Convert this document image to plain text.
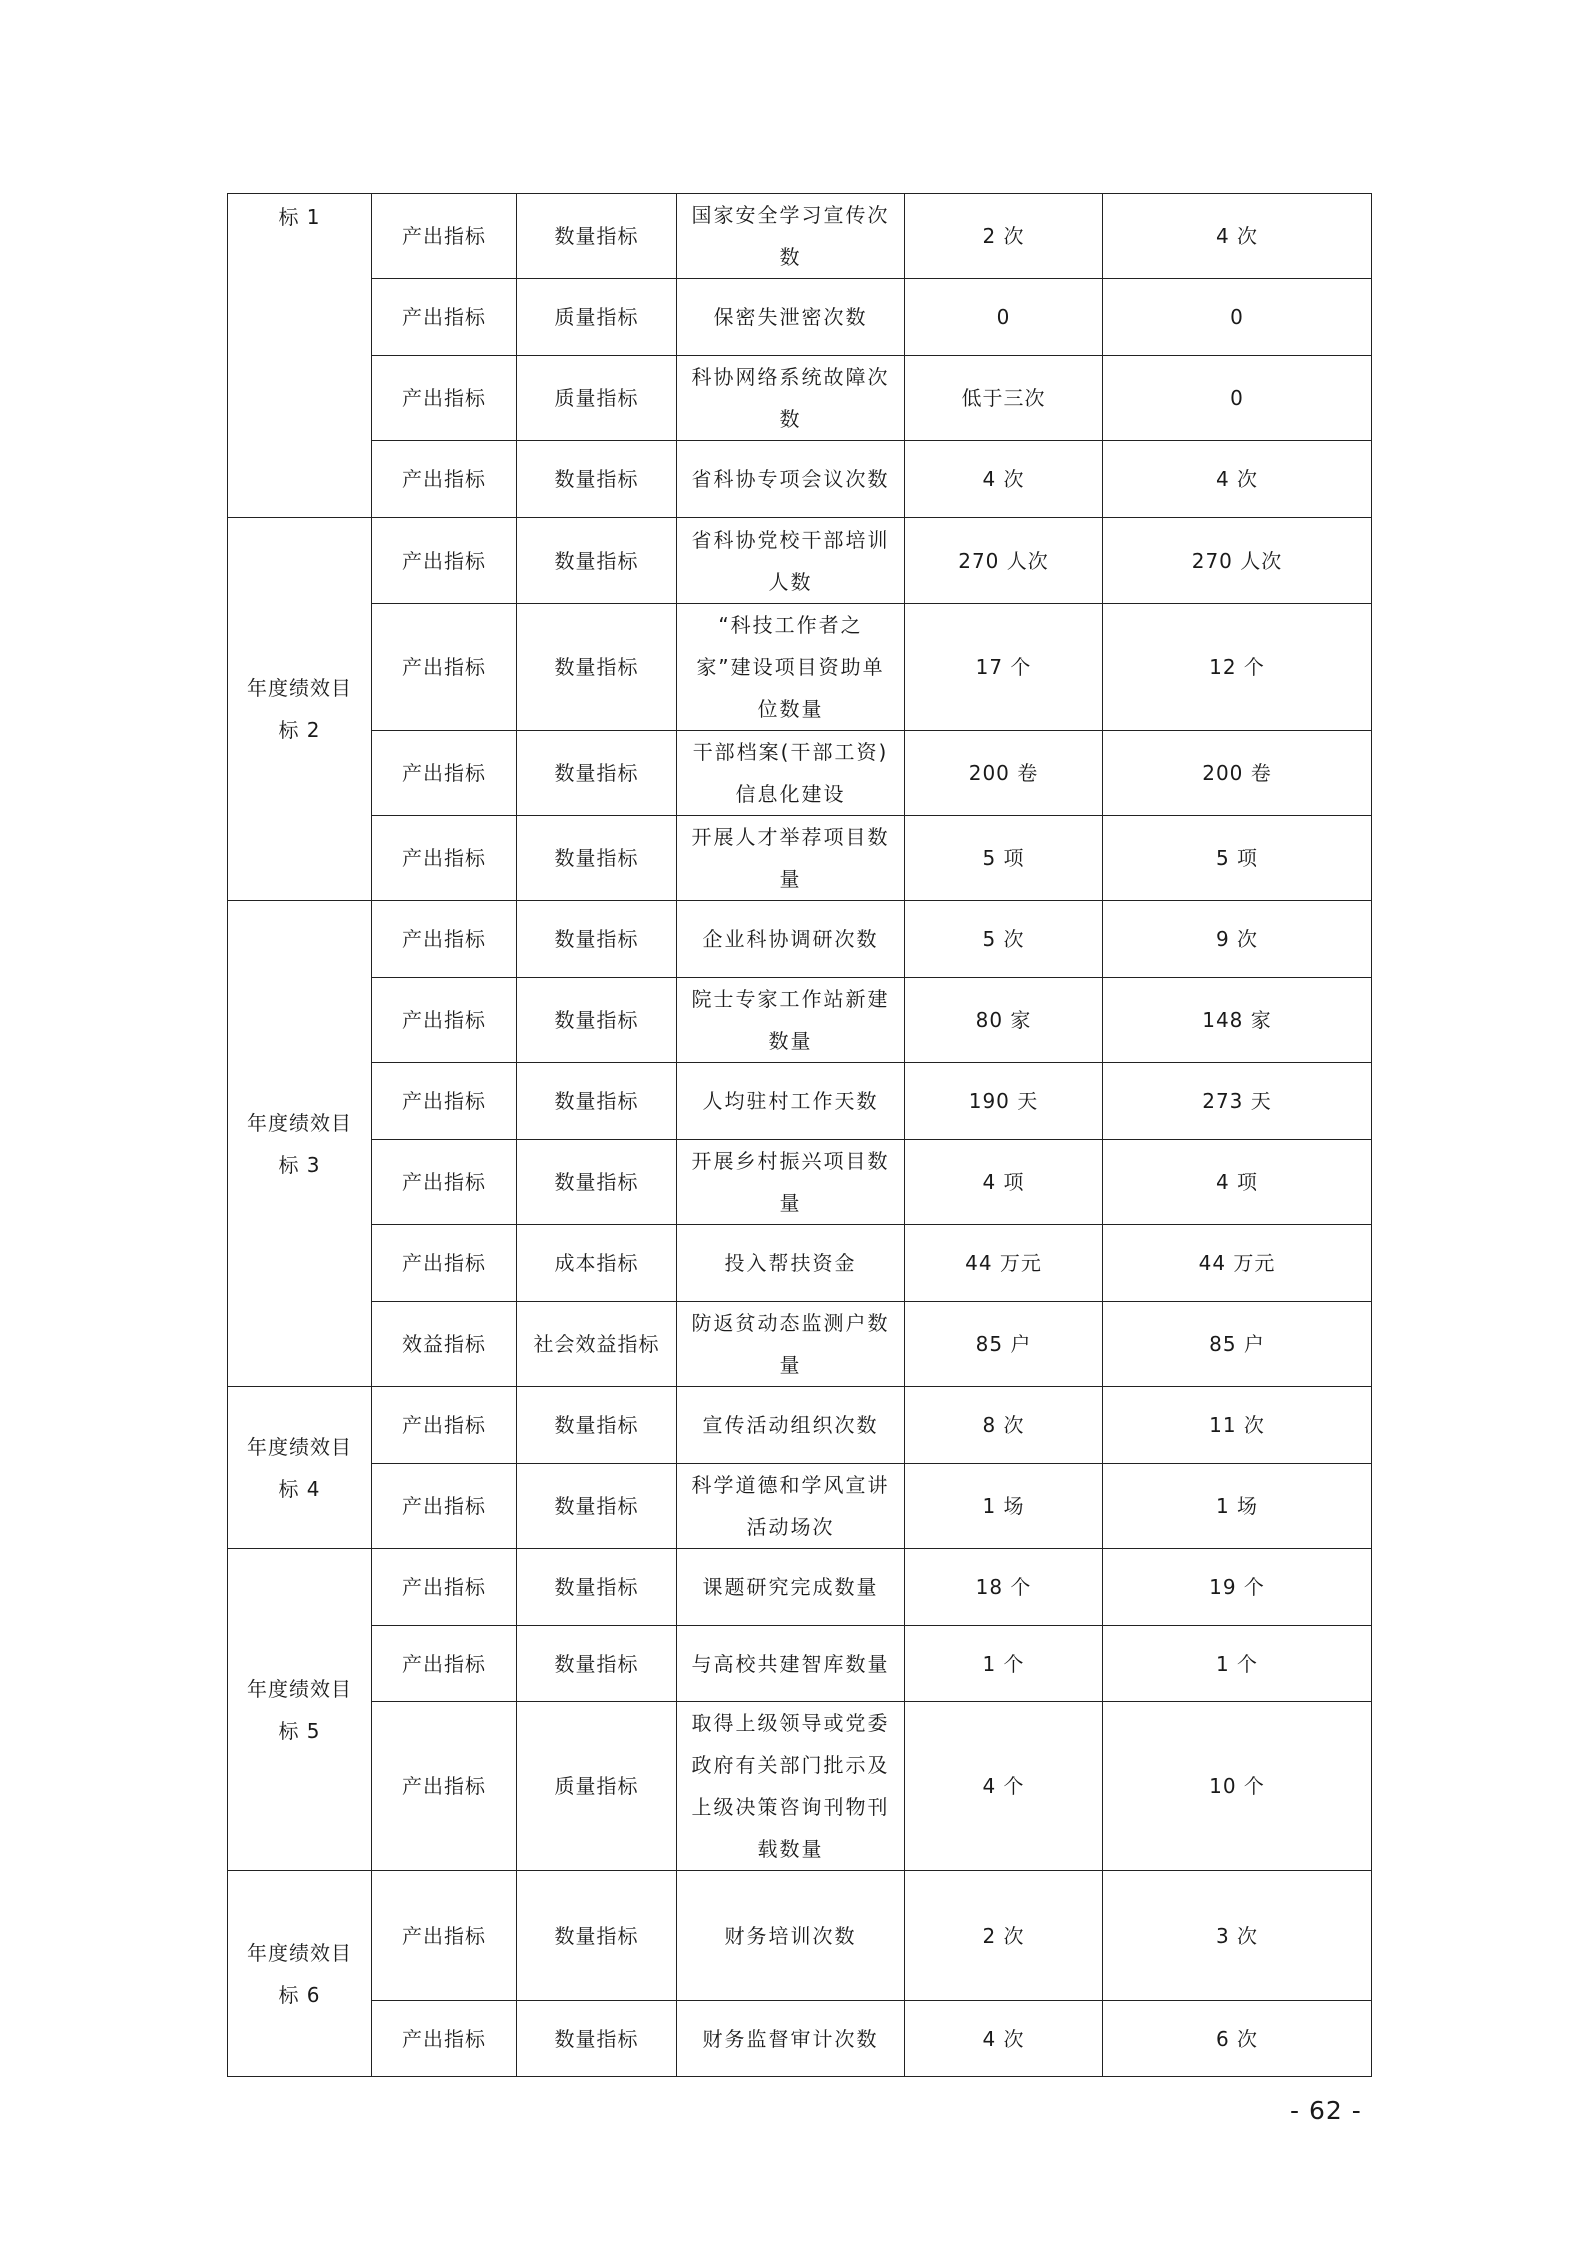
标 1	产出指标	数量指标	国家安全学习宣传次数	2 次	4 次
	产出指标	质量指标	保密失泄密次数	0	0
	产出指标	质量指标	科协网络系统故障次数	低于三次	0
	产出指标	数量指标	省科协专项会议次数	4 次	4 次
年度绩效目标 2	产出指标	数量指标	省科协党校干部培训人数	270 人次	270 人次
	产出指标	数量指标	“科技工作者之家”建设项目资助单位数量	17 个	12 个
	产出指标	数量指标	干部档案(干部工资)信息化建设	200 卷	200 卷
	产出指标	数量指标	开展人才举荐项目数量	5 项	5 项
年度绩效目标 3	产出指标	数量指标	企业科协调研次数	5 次	9 次
	产出指标	数量指标	院士专家工作站新建数量	80 家	148 家
	产出指标	数量指标	人均驻村工作天数	190 天	273 天
	产出指标	数量指标	开展乡村振兴项目数量	4 项	4 项
	产出指标	成本指标	投入帮扶资金	44 万元	44 万元
	效益指标	社会效益指标	防返贫动态监测户数量	85 户	85 户
年度绩效目标 4	产出指标	数量指标	宣传活动组织次数	8 次	11 次
	产出指标	数量指标	科学道德和学风宣讲活动场次	1 场	1 场
年度绩效目标 5	产出指标	数量指标	课题研究完成数量	18 个	19 个
	产出指标	数量指标	与高校共建智库数量	1 个	1 个
	产出指标	质量指标	取得上级领导或党委政府有关部门批示及上级决策咨询刊物刊载数量	4 个	10 个
年度绩效目标 6	产出指标	数量指标	财务培训次数	2 次	3 次
	产出指标	数量指标	财务监督审计次数	4 次	6 次
- 62 -
